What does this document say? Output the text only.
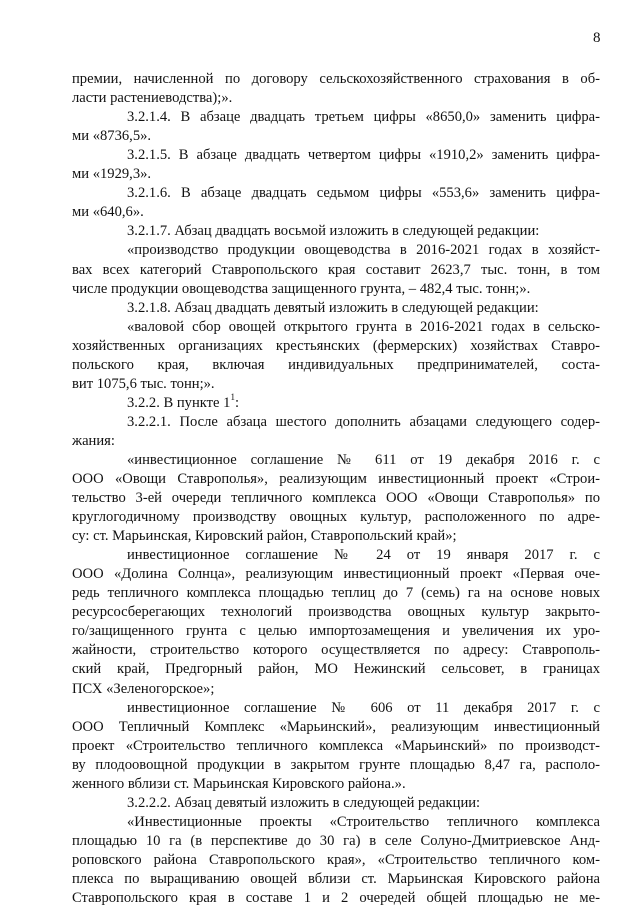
8
премии, начисленной по договору сельскохозяйственного страхования в об-
ласти растениеводства);».
3.2.1.4. В абзаце двадцать третьем цифры «8650,0» заменить цифра-
ми «8736,5».
3.2.1.5. В абзаце двадцать четвертом цифры «1910,2» заменить цифра-
ми «1929,3».
3.2.1.6. В абзаце двадцать седьмом цифры «553,6» заменить цифра-
ми «640,6».
3.2.1.7. Абзац двадцать восьмой изложить в следующей редакции:
«производство продукции овощеводства в 2016-2021 годах в хозяйст-
вах всех категорий Ставропольского края составит 2623,7 тыс. тонн, в том
числе продукции овощеводства защищенного грунта, – 482,4 тыс. тонн;».
3.2.1.8. Абзац двадцать девятый изложить в следующей редакции:
«валовой сбор овощей открытого грунта в 2016-2021 годах в сельско-
хозяйственных организациях крестьянских (фермерских) хозяйствах Ставро-
польского края, включая индивидуальных предпринимателей, соста-
вит 1075,6 тыс. тонн;».
3.2.2. В пункте $1^1$:
3.2.2.1. После абзаца шестого дополнить абзацами следующего содер-
жания:
«инвестиционное соглашение № 611 от 19 декабря 2016 г. с
ООО «Овощи Ставрополья», реализующим инвестиционный проект «Строи-
тельство 3-ей очереди тепличного комплекса ООО «Овощи Ставрополья» по
круглогодичному производству овощных культур, расположенного по адре-
су: ст. Марьинская, Кировский район, Ставропольский край»;
инвестиционное соглашение № 24 от 19 января 2017 г. с
ООО «Долина Солнца», реализующим инвестиционный проект «Первая оче-
редь тепличного комплекса площадью теплиц до 7 (семь) га на основе новых
ресурсосберегающих технологий производства овощных культур закрыто-
го/защищенного грунта с целью импортозамещения и увеличения их уро-
жайности, строительство которого осуществляется по адресу: Ставрополь-
ский край, Предгорный район, МО Нежинский сельсовет, в границах
ПСХ «Зеленогорское»;
инвестиционное соглашение № 606 от 11 декабря 2017 г. с
ООО Тепличный Комплекс «Марьинский», реализующим инвестиционный
проект «Строительство тепличного комплекса «Марьинский» по производст-
ву плодоовощной продукции в закрытом грунте площадью 8,47 га, располо-
женного вблизи ст. Марьинская Кировского района.».
3.2.2.2. Абзац девятый изложить в следующей редакции:
«Инвестиционные проекты «Строительство тепличного комплекса
площадью 10 га (в перспективе до 30 га) в селе Солуно-Дмитриевское Анд-
роповского района Ставропольского края», «Строительство тепличного ком-
плекса по выращиванию овощей вблизи ст. Марьинская Кировского района
Ставропольского края в составе 1 и 2 очередей общей площадью не ме-
